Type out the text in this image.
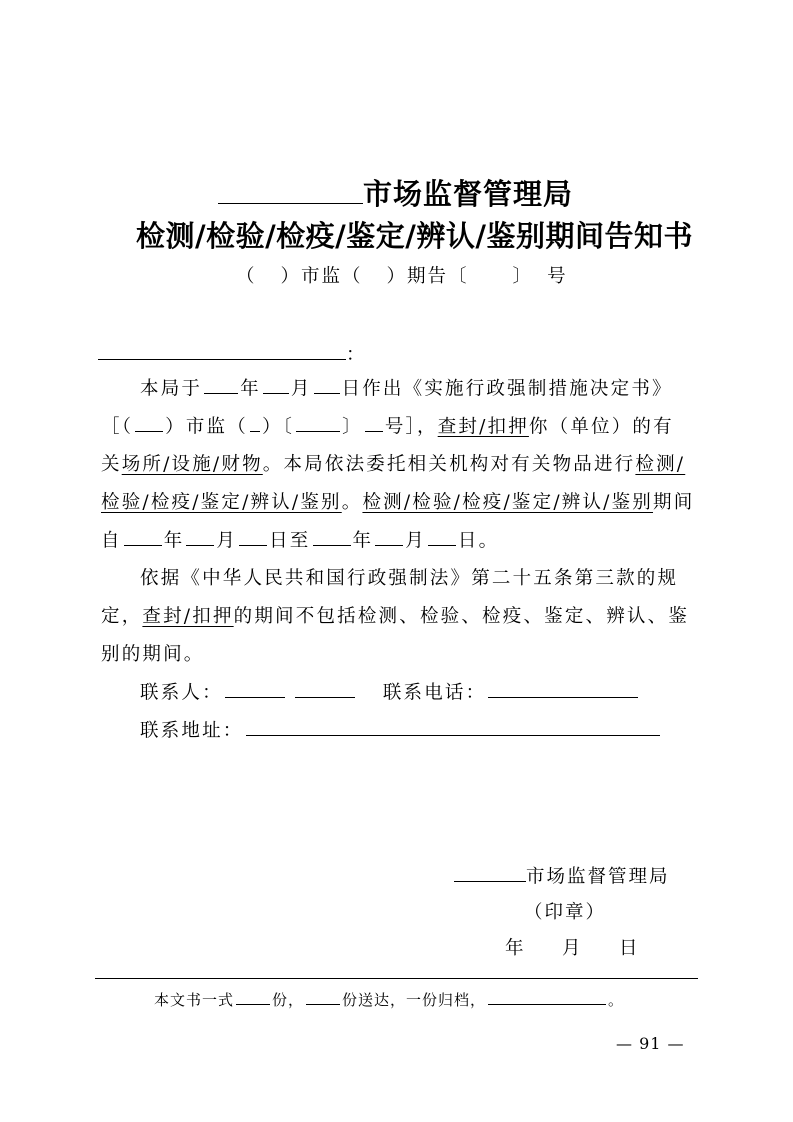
市场监督管理局
检测/检验/检疫/鉴定/辨认/鉴别期间告知书
（ ）市监（ ）期告〔 〕 号
：
本局于 年 月 日作出《实施行政强制措施决定书》
［（ ）市监（ ）〔	〕 号］，查封/扣押你（单位）的有
关场所/设施/财物。本局依法委托相关机构对有关物品进行检测/
检验/检疫/鉴定/辨认/鉴别。检测/检验/检疫/鉴定/辨认/鉴别期间
自 年 月 日至 年 月 日。
依据《中华人民共和国行政强制法》第二十五条第三款的规
定，查封/扣押的期间不包括检测、检验、检疫、鉴定、辨认、鉴
别的期间。
联系人：	联系电话：
联系地址：
市场监督管理局
（印章）
年    月    日
本文书一式	份，	份送达，一份归档，	。
— 91 —
